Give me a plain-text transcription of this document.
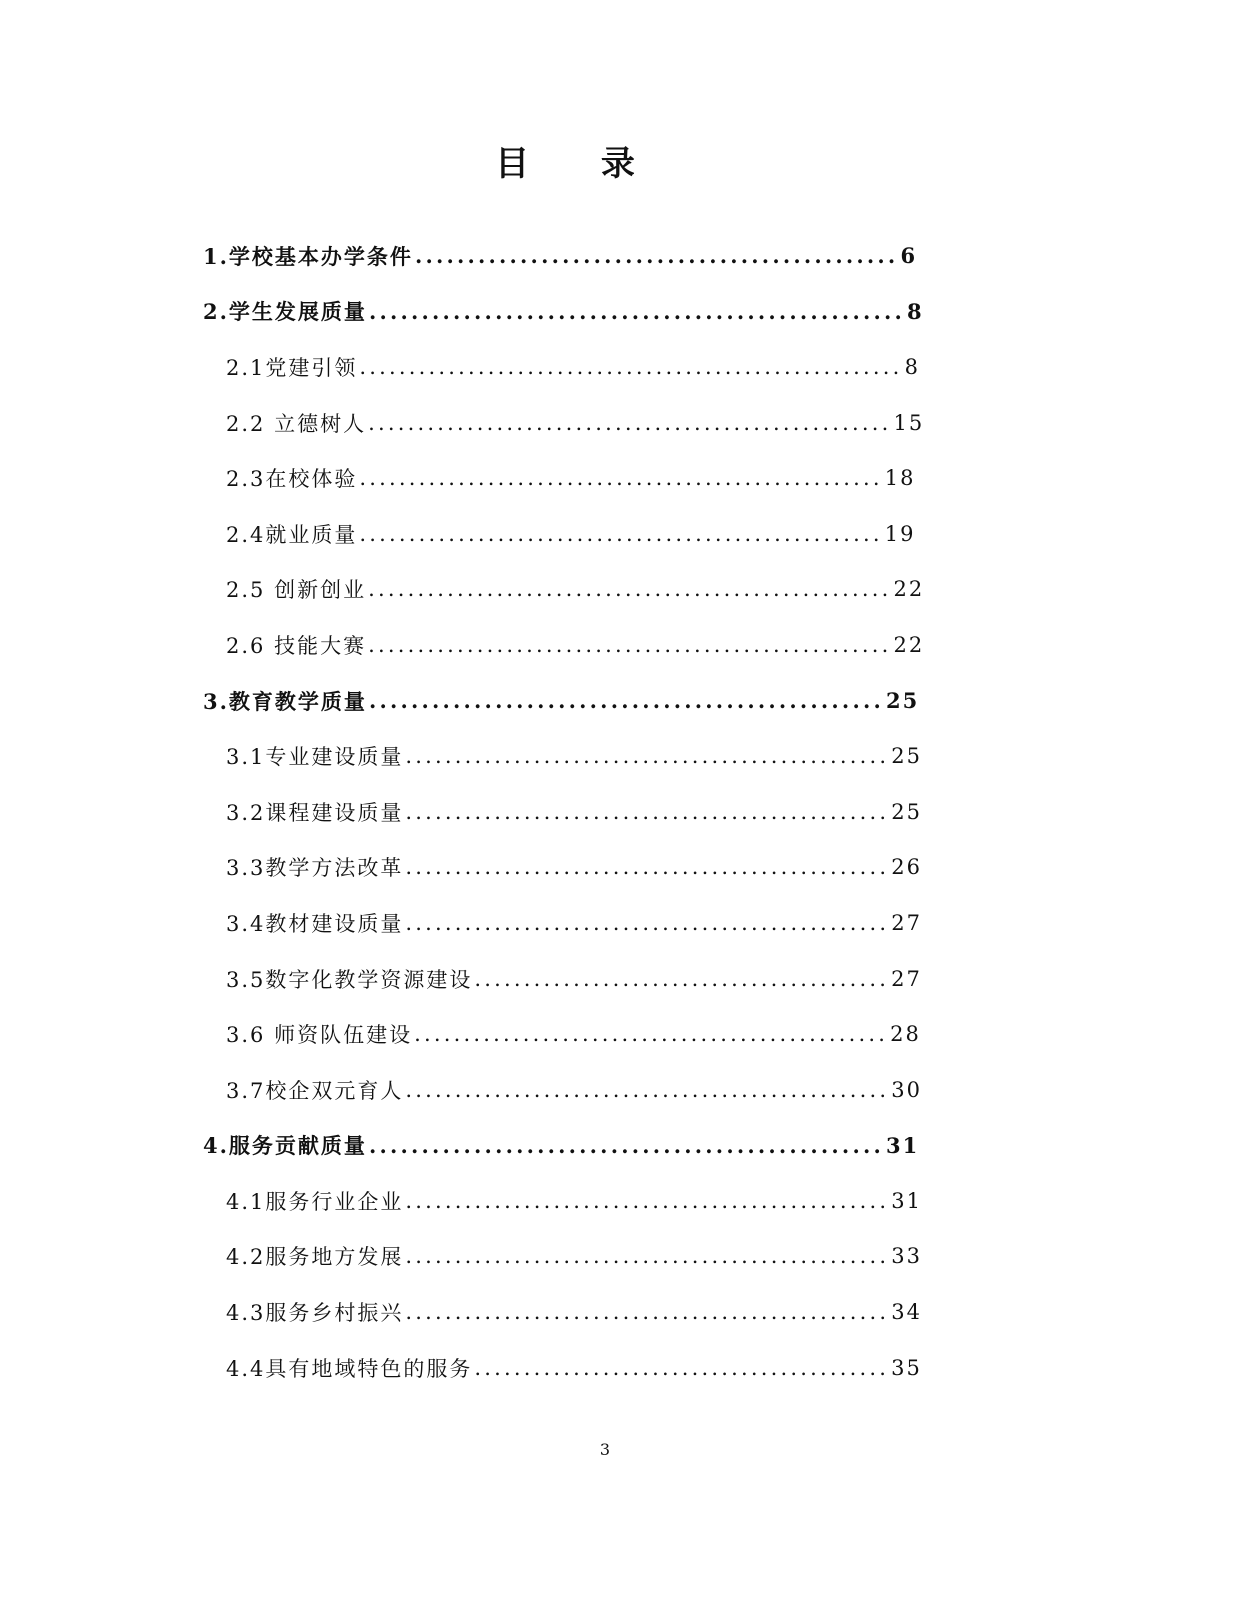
目 录
1.学校基本办学条件 .............................................. 6
2.学生发展质量 ................................................... 8
2.1党建引领 ....................................................... 8
2.2 立德树人 ..................................................... 15
2.3在校体验 ..................................................... 18
2.4就业质量 ..................................................... 19
2.5 创新创业 ..................................................... 22
2.6 技能大赛 ..................................................... 22
3.教育教学质量 ................................................. 25
3.1专业建设质量 ................................................. 25
3.2课程建设质量 ................................................. 25
3.3教学方法改革 ................................................. 26
3.4教材建设质量 ................................................. 27
3.5数字化教学资源建设 .......................................... 27
3.6 师资队伍建设 ................................................ 28
3.7校企双元育人 ................................................. 30
4.服务贡献质量 ................................................. 31
4.1服务行业企业 ................................................. 31
4.2服务地方发展 ................................................. 33
4.3服务乡村振兴 ................................................. 34
4.4具有地域特色的服务 .......................................... 35
3
